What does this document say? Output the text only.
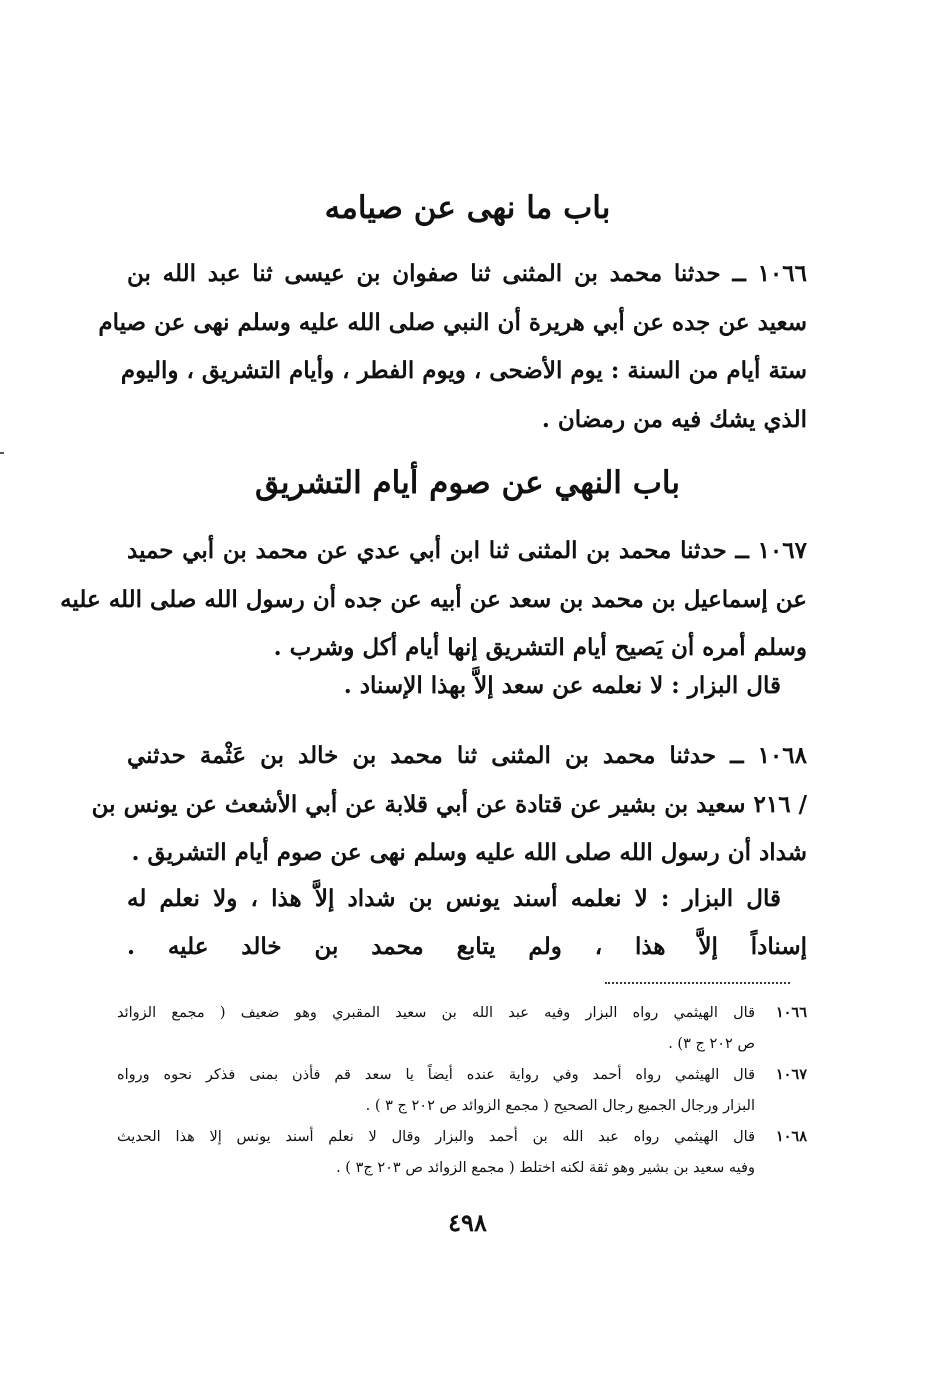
باب ما نهى عن صيامه
١٠٦٦ ــ حدثنا محمد بن المثنى ثنا صفوان بن عيسى ثنا عبد الله بن
سعيد عن جده عن أبي هريرة أن النبي صلى الله عليه وسلم نهى عن صيام
ستة أيام من السنة : يوم الأضحى ، ويوم الفطر ، وأيام التشريق ، واليوم
الذي يشك فيه من رمضان .
باب النهي عن صوم أيام التشريق
١٠٦٧ ــ حدثنا محمد بن المثنى ثنا ابن أبي عدي عن محمد بن أبي حميد
عن إسماعيل بن محمد بن سعد عن أبيه عن جده أن رسول الله صلى الله عليه
وسلم أمره أن يَصيح أيام التشريق إنها أيام أكل وشرب .
قال البزار : لا نعلمه عن سعد إلاَّ بهذا الإسناد .
١٠٦٨ ــ حدثنا محمد بن المثنى ثنا محمد بن خالد بن عَثْمة حدثني
/ ٢١٦ سعيد بن بشير عن قتادة عن أبي قلابة عن أبي الأشعث عن يونس بن
شداد أن رسول الله صلى الله عليه وسلم نهى عن صوم أيام التشريق .
قال البزار : لا نعلمه أسند يونس بن شداد إلاَّ هذا ، ولا نعلم له
إسناداً إلاَّ هذا ، ولم يتابع محمد بن خالد عليه .
١٠٦٦
قال الهيثمي رواه البزار وفيه عبد الله بن سعيد المقبري وهو ضعيف ( مجمع الزوائد
ص ٢٠٢ ج ٣) .
١٠٦٧
قال الهيثمي رواه أحمد وفي رواية عنده أيضاً يا سعد قم فأذن بمنى فذكر نحوه ورواه
البزار ورجال الجميع رجال الصحيح ( مجمع الزوائد ص ٢٠٢ ج ٣ ) .
١٠٦٨
قال الهيثمي رواه عبد الله بن أحمد والبزار وقال لا نعلم أسند يونس إلا هذا الحديث
وفيه سعيد بن بشير وهو ثقة لكنه اختلط ( مجمع الزوائد ص ٢٠٣ ج٣ ) .
٤٩٨
